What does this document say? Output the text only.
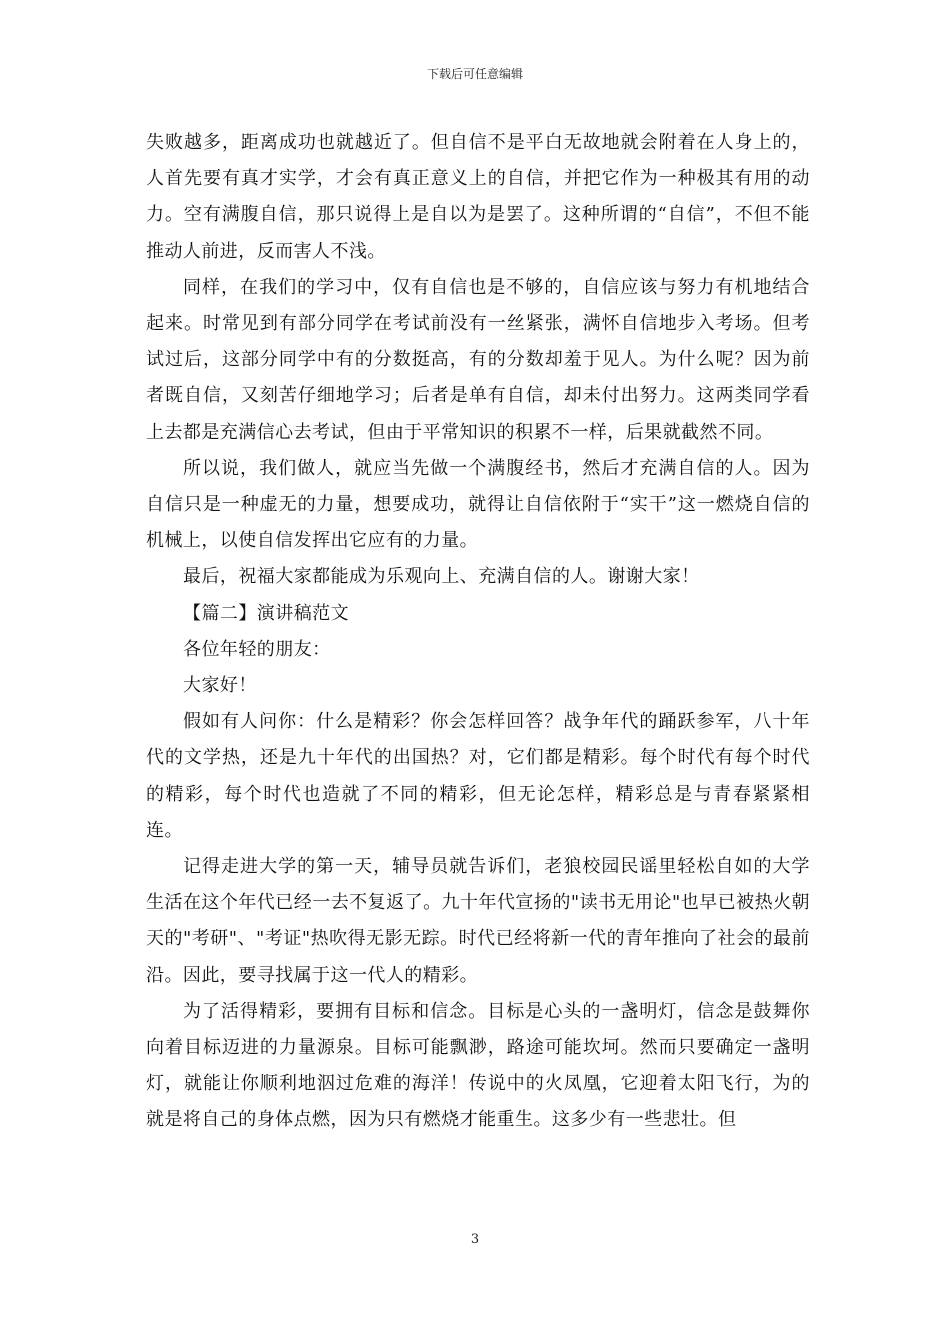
下载后可任意编辑

失败越多，距离成功也就越近了。但自信不是平白无故地就会附着在人身上的，人首先要有真才实学，才会有真正意义上的自信，并把它作为一种极其有用的动力。空有满腹自信，那只说得上是自以为是罢了。这种所谓的“自信”，不但不能推动人前进，反而害人不浅。

同样，在我们的学习中，仅有自信也是不够的，自信应该与努力有机地结合起来。时常见到有部分同学在考试前没有一丝紧张，满怀自信地步入考场。但考试过后，这部分同学中有的分数挺高，有的分数却羞于见人。为什么呢？因为前者既自信，又刻苦仔细地学习；后者是单有自信，却未付出努力。这两类同学看上去都是充满信心去考试，但由于平常知识的积累不一样，后果就截然不同。

所以说，我们做人，就应当先做一个满腹经书，然后才充满自信的人。因为自信只是一种虚无的力量，想要成功，就得让自信依附于“实干”这一燃烧自信的机械上，以使自信发挥出它应有的力量。

最后，祝福大家都能成为乐观向上、充满自信的人。谢谢大家！

【篇二】演讲稿范文

各位年轻的朋友：

大家好！

假如有人问你：什么是精彩？你会怎样回答？战争年代的踊跃参军，八十年代的文学热，还是九十年代的出国热？对，它们都是精彩。每个时代有每个时代的精彩，每个时代也造就了不同的精彩，但无论怎样，精彩总是与青春紧紧相连。

记得走进大学的第一天，辅导员就告诉们，老狼校园民谣里轻松自如的大学生活在这个年代已经一去不复返了。九十年代宣扬的"读书无用论"也早已被热火朝天的"考研"、"考证"热吹得无影无踪。时代已经将新一代的青年推向了社会的最前沿。因此，要寻找属于这一代人的精彩。

为了活得精彩，要拥有目标和信念。目标是心头的一盏明灯，信念是鼓舞你向着目标迈进的力量源泉。目标可能飘渺，路途可能坎坷。然而只要确定一盏明灯，就能让你顺利地泅过危难的海洋！传说中的火凤凰，它迎着太阳飞行，为的就是将自己的身体点燃，因为只有燃烧才能重生。这多少有一些悲壮。但

3
